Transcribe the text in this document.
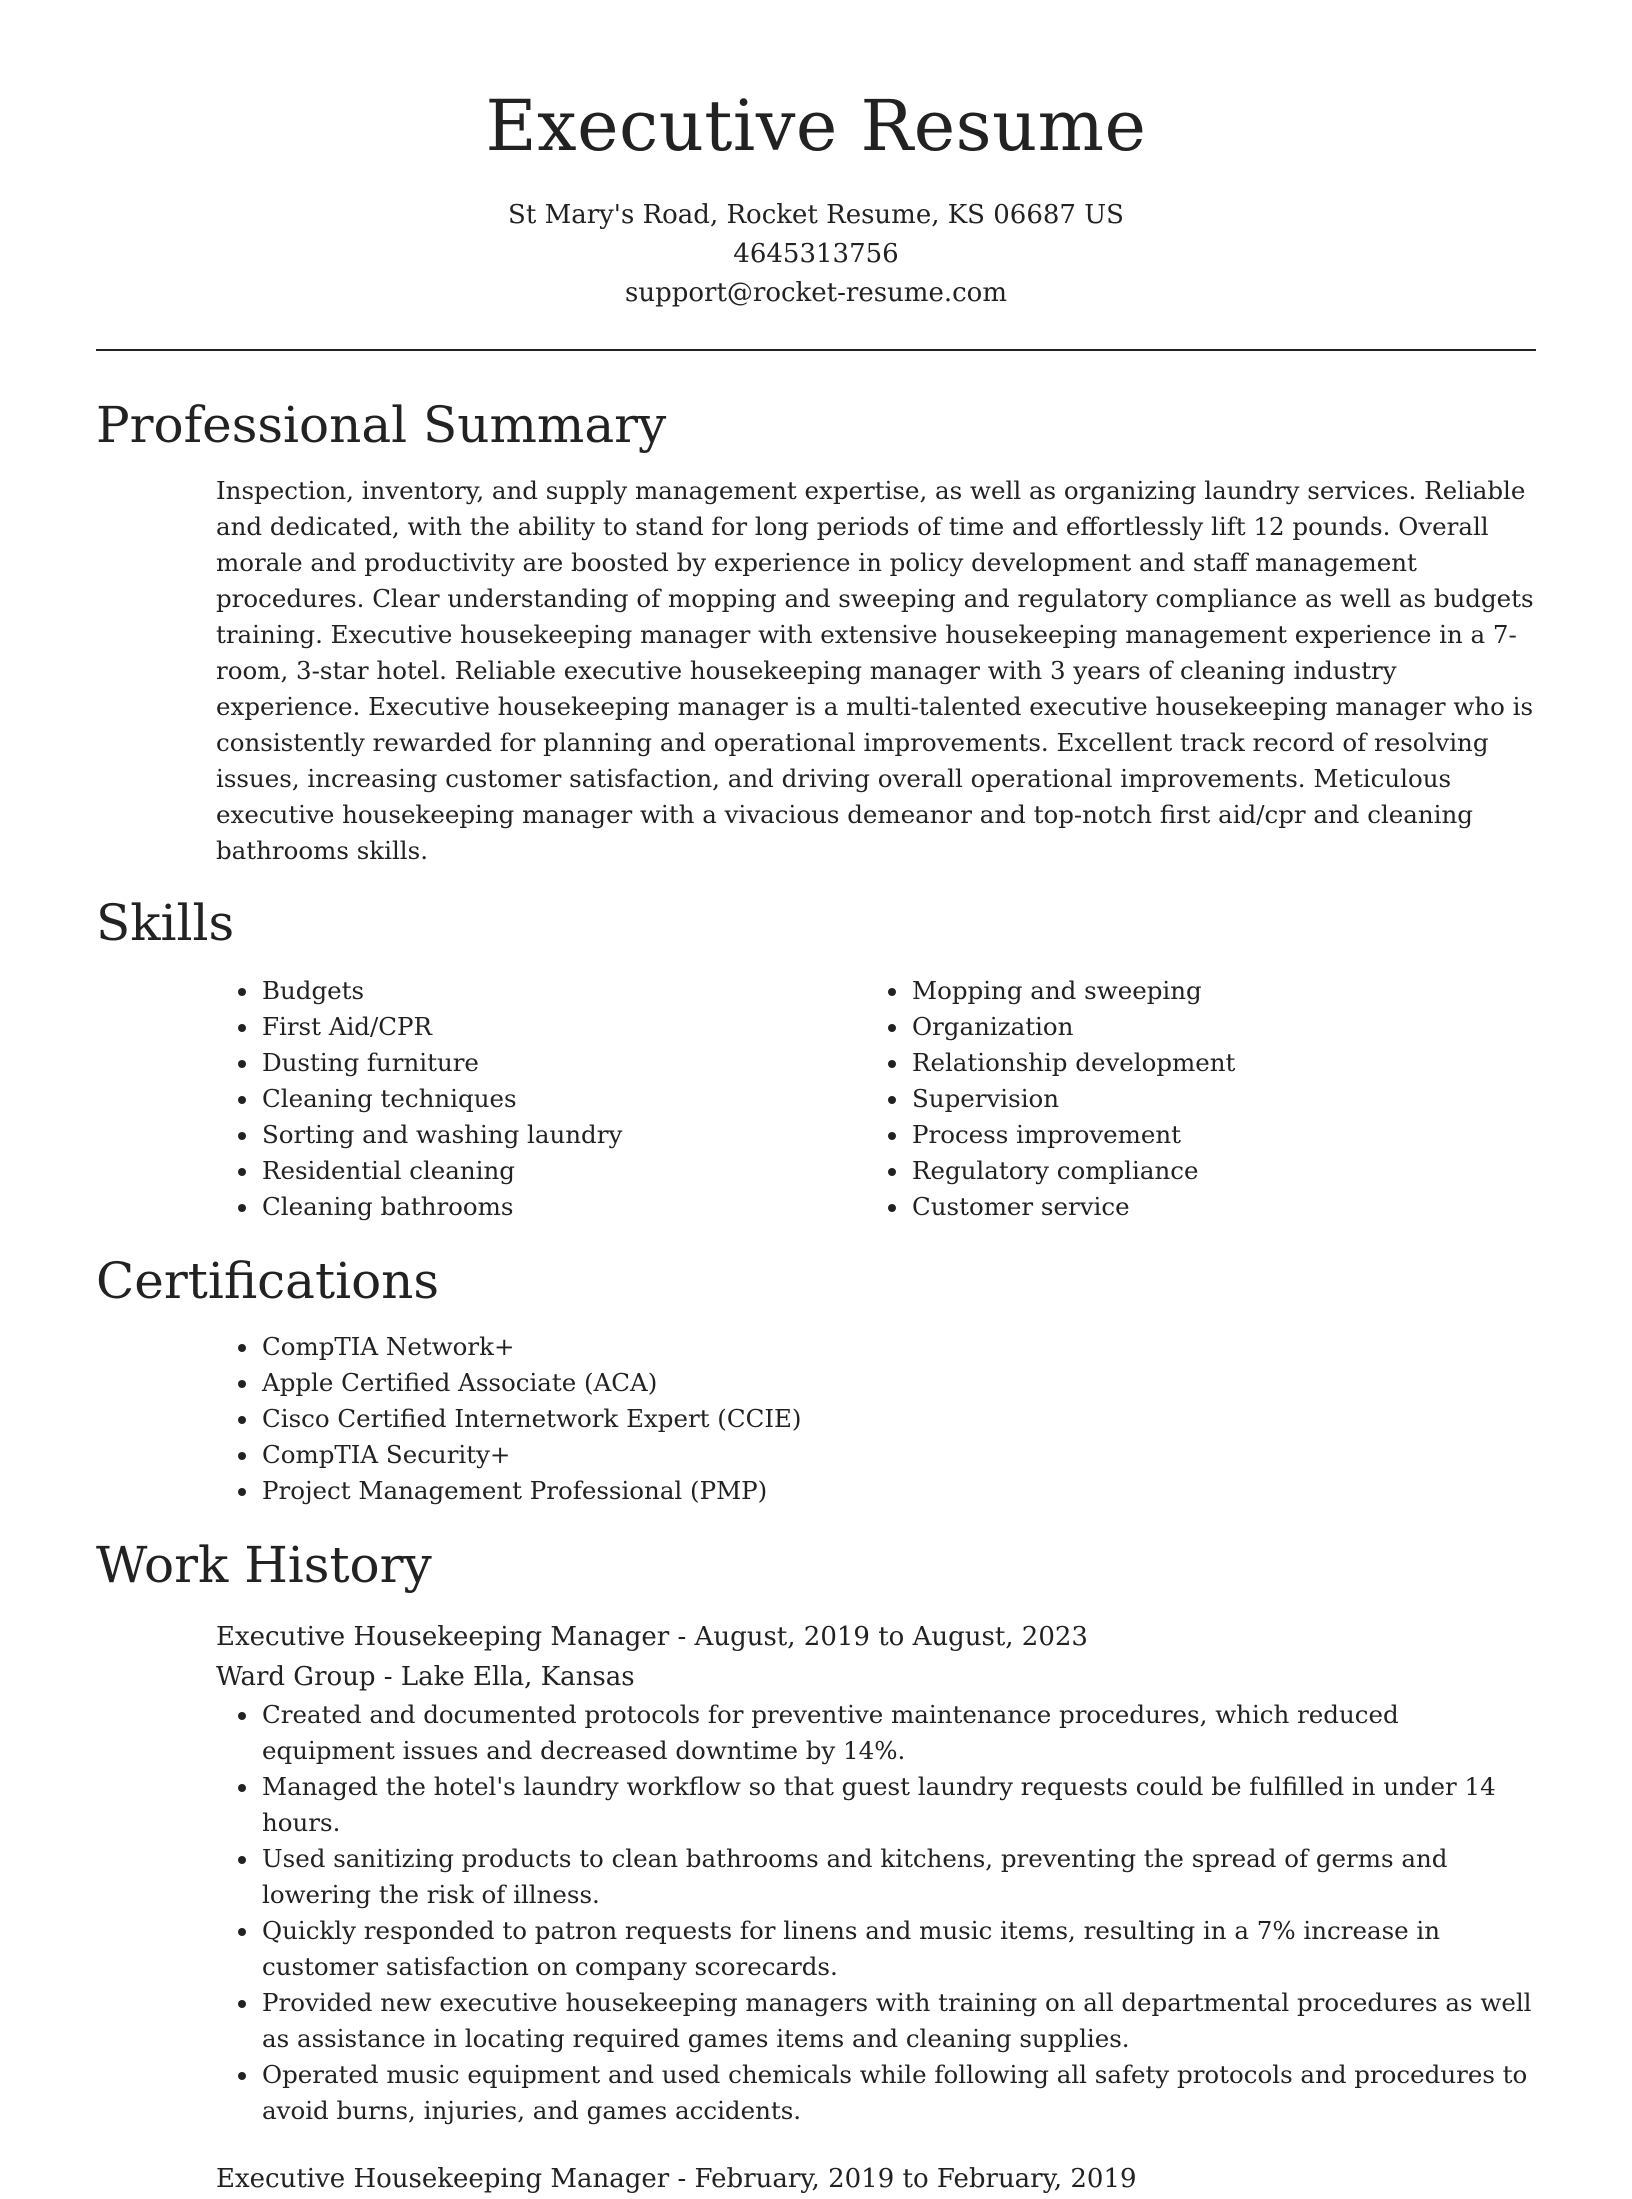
Executive Resume
St Mary's Road, Rocket Resume, KS 06687 US
4645313756
support@rocket-resume.com
Professional Summary

Inspection, inventory, and supply management expertise, as well as organizing laundry services. Reliable and dedicated, with the ability to stand for long periods of time and effortlessly lift 12 pounds. Overall morale and productivity are boosted by experience in policy development and staff management procedures. Clear understanding of mopping and sweeping and regulatory compliance as well as budgets training. Executive housekeeping manager with extensive housekeeping management experience in a 7-room, 3-star hotel. Reliable executive housekeeping manager with 3 years of cleaning industry experience. Executive housekeeping manager is a multi-talented executive housekeeping manager who is consistently rewarded for planning and operational improvements. Excellent track record of resolving issues, increasing customer satisfaction, and driving overall operational improvements. Meticulous executive housekeeping manager with a vivacious demeanor and top-notch first aid/cpr and cleaning bathrooms skills.

Skills
• Budgets
• First Aid/CPR
• Dusting furniture
• Cleaning techniques
• Sorting and washing laundry
• Residential cleaning
• Cleaning bathrooms
• Mopping and sweeping
• Organization
• Relationship development
• Supervision
• Process improvement
• Regulatory compliance
• Customer service
Certifications
• CompTIA Network+
• Apple Certified Associate (ACA)
• Cisco Certified Internetwork Expert (CCIE)
• CompTIA Security+
• Project Management Professional (PMP)
Work History
Executive Housekeeping Manager - August, 2019 to August, 2023
Ward Group - Lake Ella, Kansas
• Created and documented protocols for preventive maintenance procedures, which reduced equipment issues and decreased downtime by 14%.
• Managed the hotel's laundry workflow so that guest laundry requests could be fulfilled in under 14 hours.
• Used sanitizing products to clean bathrooms and kitchens, preventing the spread of germs and lowering the risk of illness.
• Quickly responded to patron requests for linens and music items, resulting in a 7% increase in customer satisfaction on company scorecards.
• Provided new executive housekeeping managers with training on all departmental procedures as well as assistance in locating required games items and cleaning supplies.
• Operated music equipment and used chemicals while following all safety protocols and procedures to avoid burns, injuries, and games accidents.
Executive Housekeeping Manager - February, 2019 to February, 2019
